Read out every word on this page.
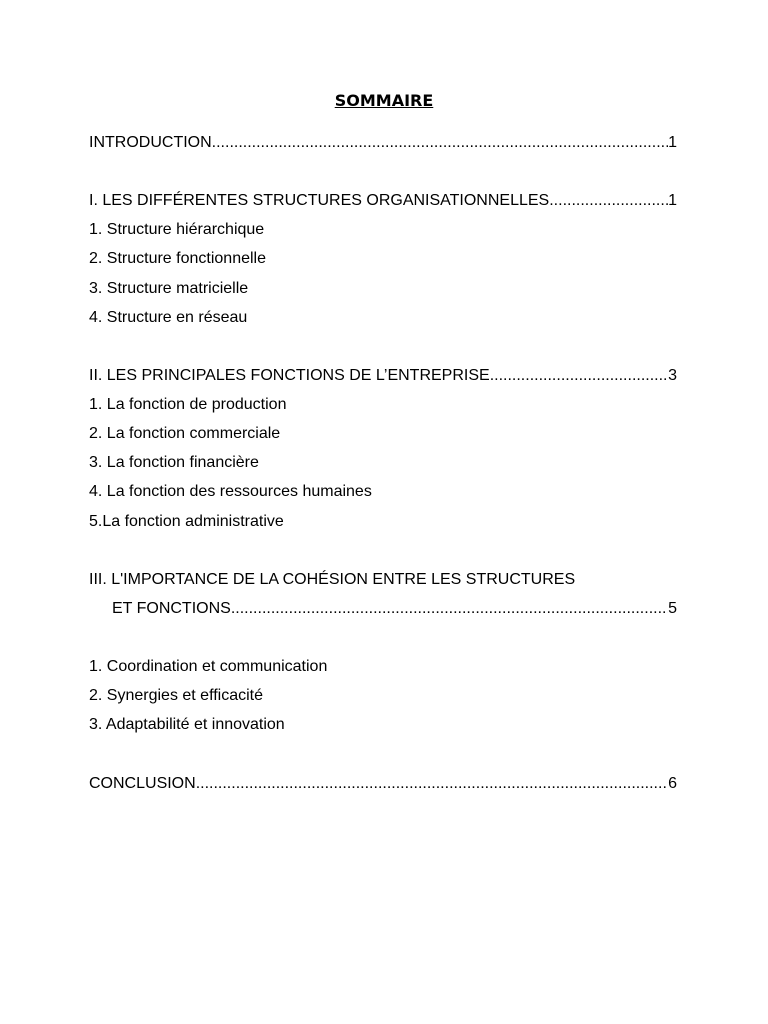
SOMMAIRE
INTRODUCTION .....	1
I. LES DIFFÉRENTES STRUCTURES ORGANISATIONNELLES .....	1
1. Structure hiérarchique
2. Structure fonctionnelle
3. Structure matricielle
4. Structure en réseau
II. LES PRINCIPALES FONCTIONS DE L’ENTREPRISE .....	3
1. La fonction de production
2. La fonction commerciale
3. La fonction financière
4. La fonction des ressources humaines
5.La fonction administrative
III. L'IMPORTANCE DE LA COHÉSION ENTRE LES STRUCTURES
ET FONCTIONS .....	5
1. Coordination et communication
2. Synergies et efficacité
3. Adaptabilité et innovation
CONCLUSION .....	6
